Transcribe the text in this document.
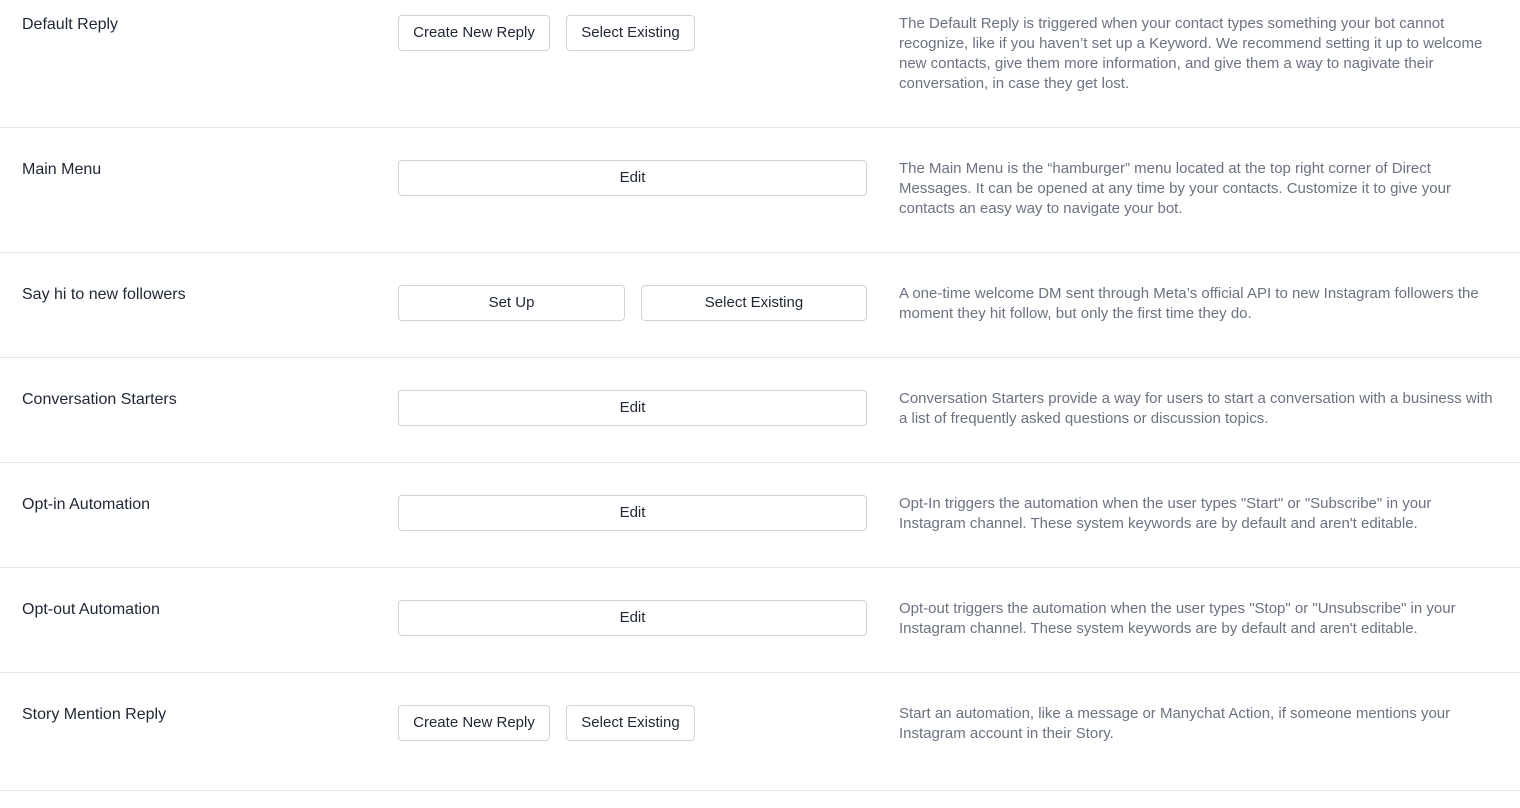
Default Reply	Create New Reply	Select Existing
The Default Reply is triggered when your contact types something your bot cannot recognize, like if you haven’t set up a Keyword. We recommend setting it up to welcome new contacts, give them more information, and give them a way to nagivate their conversation, in case they get lost.
Main Menu	Edit
The Main Menu is the “hamburger” menu located at the top right corner of Direct Messages. It can be opened at any time by your contacts. Customize it to give your contacts an easy way to navigate your bot.
Say hi to new followers	Set Up	Select Existing
A one-time welcome DM sent through Meta’s official API to new Instagram followers the moment they hit follow, but only the first time they do.
Conversation Starters	Edit
Conversation Starters provide a way for users to start a conversation with a business with a list of frequently asked questions or discussion topics.
Opt-in Automation	Edit
Opt-In triggers the automation when the user types "Start" or "Subscribe" in your Instagram channel. These system keywords are by default and aren't editable.
Opt-out Automation	Edit
Opt-out triggers the automation when the user types "Stop" or "Unsubscribe" in your Instagram channel. These system keywords are by default and aren't editable.
Story Mention Reply	Create New Reply	Select Existing
Start an automation, like a message or Manychat Action, if someone mentions your Instagram account in their Story.
